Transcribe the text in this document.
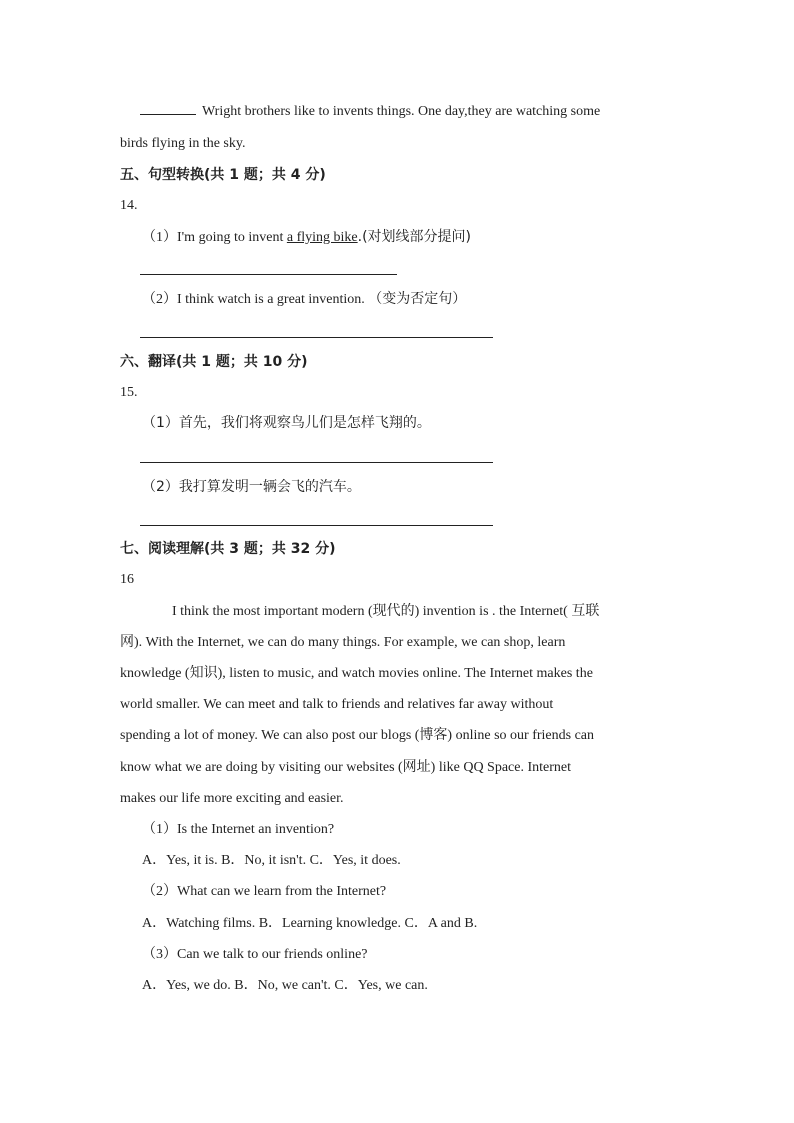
Wright brothers like to invents things. One day,they are watching some
birds flying in the sky.
五、句型转换(共 1 题；共 4 分)
14.
（1）I'm going to invent a flying bike.(对划线部分提问)
（2）I think watch is a great invention. （变为否定句）
六、翻译(共 1 题；共 10 分)
15.
（1）首先，我们将观察鸟儿们是怎样飞翔的。
（2）我打算发明一辆会飞的汽车。
七、阅读理解(共 3 题；共 32 分)
16
I think the most important modern (现代的) invention is . the Internet( 互联
网). With the Internet, we can do many things. For example, we can shop, learn
knowledge (知识), listen to music, and watch movies online. The Internet makes the
world smaller. We can meet and talk to friends and relatives far away without
spending a lot of money. We can also post our blogs (博客) online so our friends can
know what we are doing by visiting our websites (网址) like QQ Space. Internet
makes our life more exciting and easier.
（1）Is the Internet an invention?
A．Yes, it is. B．No, it isn't. C．Yes, it does.
（2）What can we learn from the Internet?
A．Watching films. B．Learning knowledge. C．A and B.
（3）Can we talk to our friends online?
A．Yes, we do. B．No, we can't. C．Yes, we can.
